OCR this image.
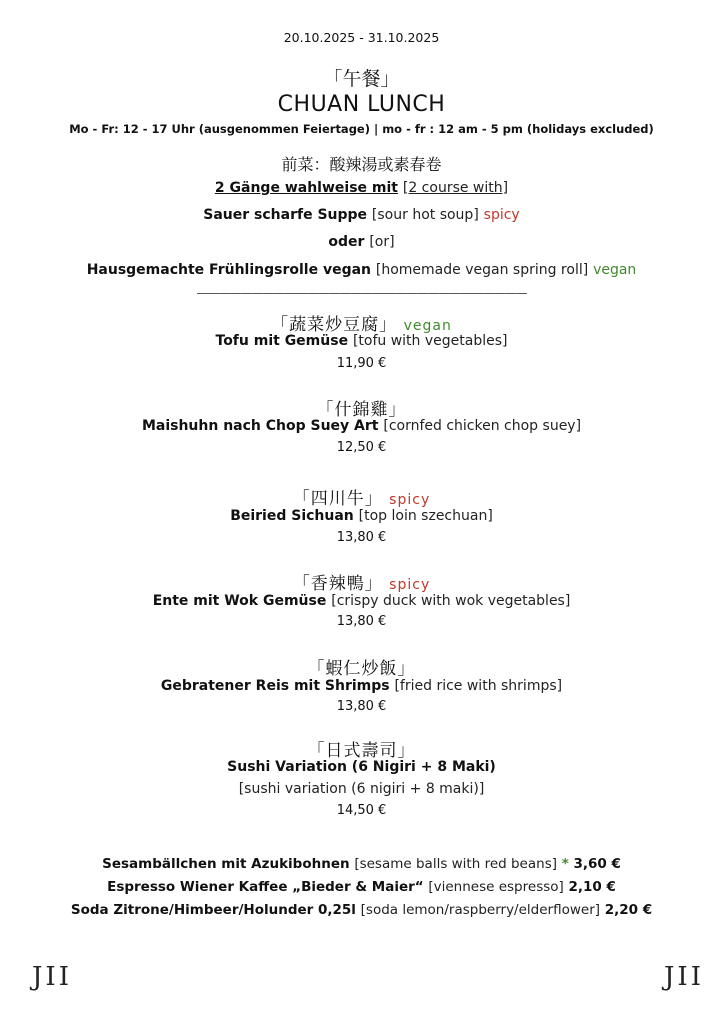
20.10.2025 - 31.10.2025
「午餐」
CHUAN LUNCH
Mo - Fr: 12 - 17 Uhr (ausgenommen Feiertage) | mo - fr : 12 am - 5 pm (holidays excluded)
前菜：酸辣湯或素春卷
2 Gänge wahlweise mit [2 course with]
Sauer scharfe Suppe [sour hot soup] spicy
oder [or]
Hausgemachte Frühlingsrolle vegan [homemade vegan spring roll] vegan
——————————————————————————————
「蔬菜炒豆腐」 vegan
Tofu mit Gemüse [tofu with vegetables]
11,90 €
「什錦雞」
Maishuhn nach Chop Suey Art [cornfed chicken chop suey]
12,50 €
「四川牛」 spicy
Beiried Sichuan [top loin szechuan]
13,80 €
「香辣鴨」 spicy
Ente mit Wok Gemüse [crispy duck with wok vegetables]
13,80 €
「蝦仁炒飯」
Gebratener Reis mit Shrimps [fried rice with shrimps]
13,80 €
「日式壽司」
Sushi Variation (6 Nigiri + 8 Maki)
[sushi variation (6 nigiri + 8 maki)]
14,50 €
Sesambällchen mit Azukibohnen [sesame balls with red beans] * 3,60 €
Espresso Wiener Kaffee „Bieder & Maier“ [viennese espresso] 2,10 €
Soda Zitrone/Himbeer/Holunder 0,25l [soda lemon/raspberry/elderflower] 2,20 €
JII	JII
